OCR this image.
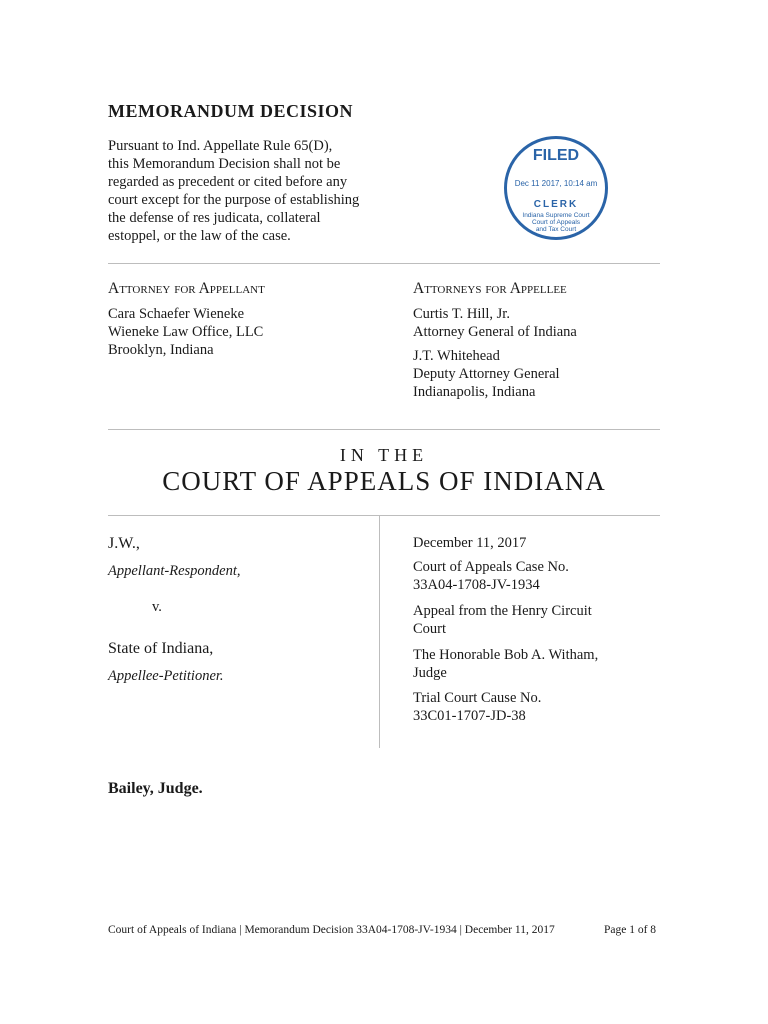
MEMORANDUM DECISION
Pursuant to Ind. Appellate Rule 65(D),
this Memorandum Decision shall not be
regarded as precedent or cited before any
court except for the purpose of establishing
the defense of res judicata, collateral
estoppel, or the law of the case.
FILED
Dec 11 2017, 10:14 am
CLERK
Indiana Supreme Court
Court of Appeals
and Tax Court
Attorney for Appellant
Cara Schaefer Wieneke
Wieneke Law Office, LLC
Brooklyn, Indiana
Attorneys for Appellee
Curtis T. Hill, Jr.
Attorney General of Indiana
J.T. Whitehead
Deputy Attorney General
Indianapolis, Indiana
IN THE
COURT OF APPEALS OF INDIANA
J.W.,
Appellant-Respondent,
v.
State of Indiana,
Appellee-Petitioner.
December 11, 2017
Court of Appeals Case No.
33A04-1708-JV-1934
Appeal from the Henry Circuit
Court
The Honorable Bob A. Witham,
Judge
Trial Court Cause No.
33C01-1707-JD-38
Bailey, Judge.
Court of Appeals of Indiana | Memorandum Decision 33A04-1708-JV-1934 | December 11, 2017	Page 1 of 8
